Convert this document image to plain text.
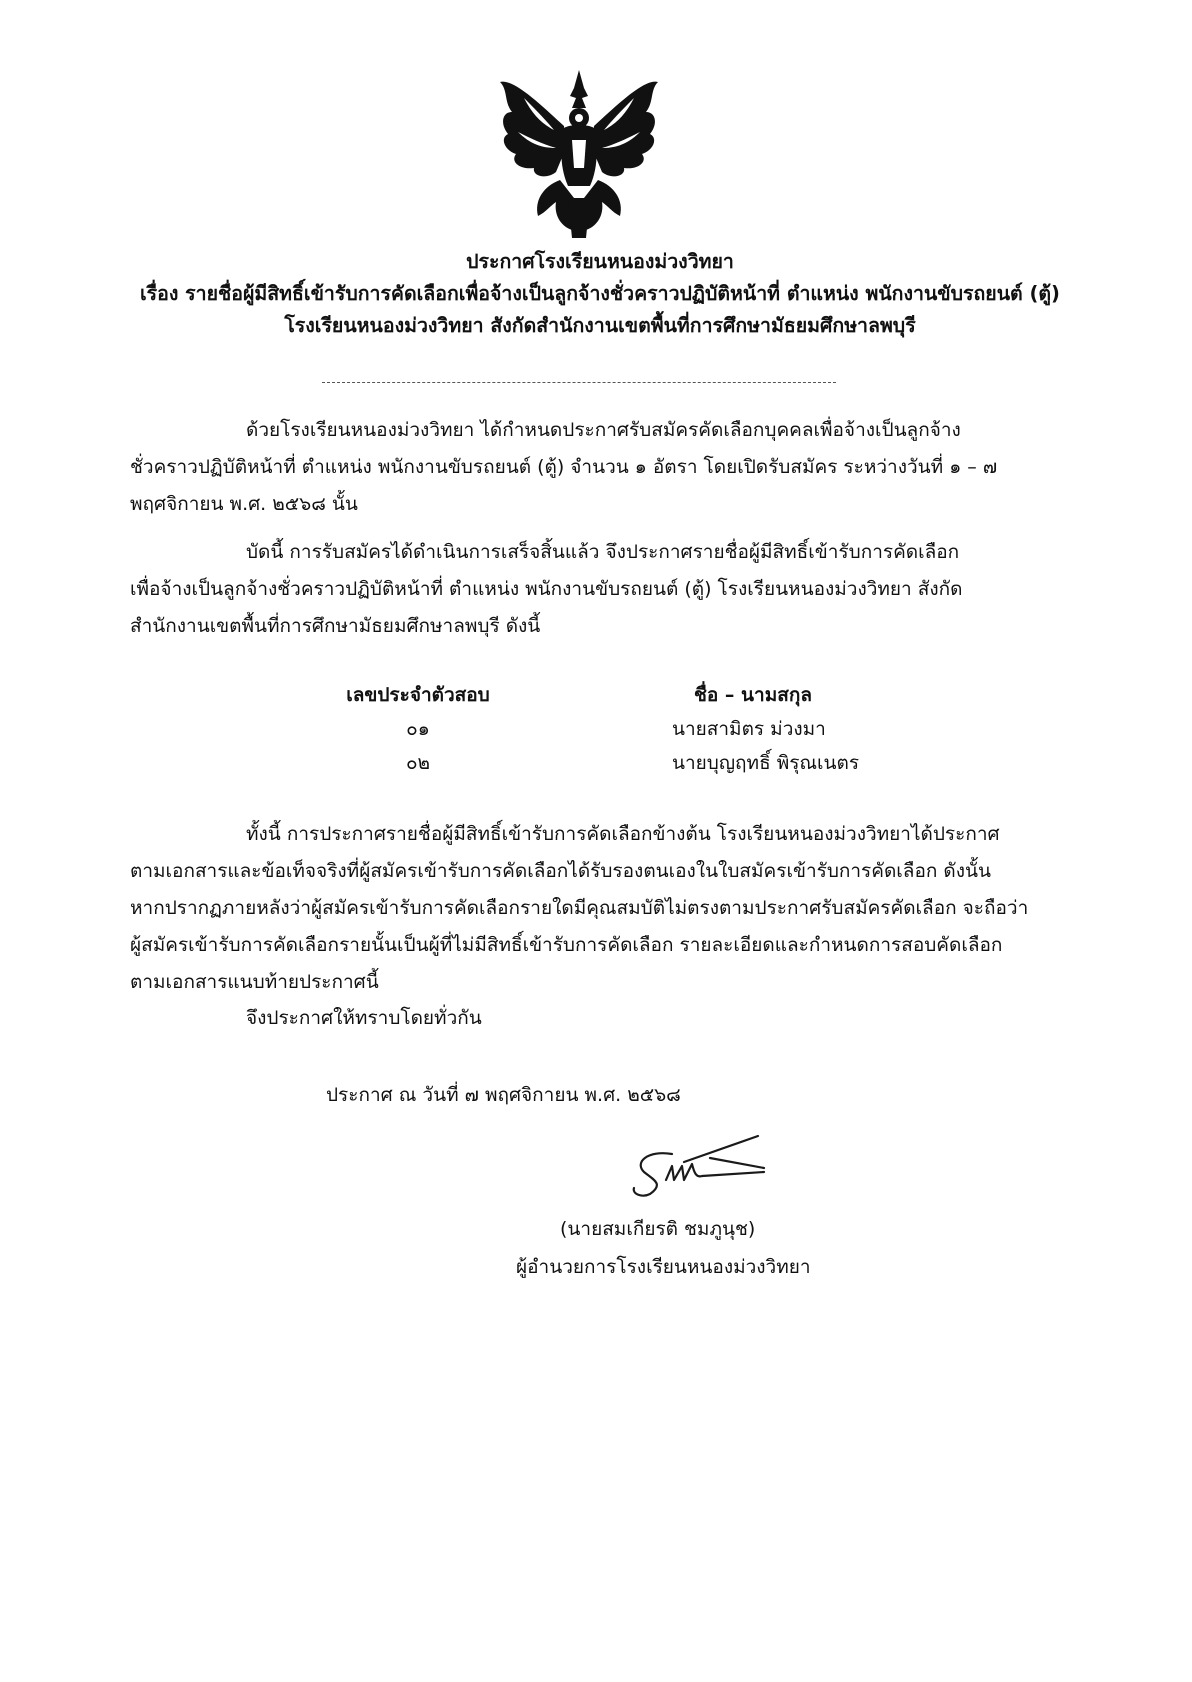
ประกาศโรงเรียนหนองม่วงวิทยา
เรื่อง รายชื่อผู้มีสิทธิ์เข้ารับการคัดเลือกเพื่อจ้างเป็นลูกจ้างชั่วคราวปฏิบัติหน้าที่ ตำแหน่ง พนักงานขับรถยนต์ (ตู้)
โรงเรียนหนองม่วงวิทยา สังกัดสำนักงานเขตพื้นที่การศึกษามัธยมศึกษาลพบุรี
ด้วยโรงเรียนหนองม่วงวิทยา ได้กำหนดประกาศรับสมัครคัดเลือกบุคคลเพื่อจ้างเป็นลูกจ้าง
ชั่วคราวปฏิบัติหน้าที่ ตำแหน่ง พนักงานขับรถยนต์ (ตู้) จำนวน ๑ อัตรา โดยเปิดรับสมัคร ระหว่างวันที่ ๑ – ๗
พฤศจิกายน พ.ศ. ๒๕๖๘ นั้น
บัดนี้ การรับสมัครได้ดำเนินการเสร็จสิ้นแล้ว จึงประกาศรายชื่อผู้มีสิทธิ์เข้ารับการคัดเลือก
เพื่อจ้างเป็นลูกจ้างชั่วคราวปฏิบัติหน้าที่ ตำแหน่ง พนักงานขับรถยนต์ (ตู้) โรงเรียนหนองม่วงวิทยา สังกัด
สำนักงานเขตพื้นที่การศึกษามัธยมศึกษาลพบุรี ดังนี้
เลขประจำตัวสอบ	ชื่อ – นามสกุล
๐๑	นายสามิตร ม่วงมา
๐๒	นายบุญฤทธิ์ พิรุณเนตร
ทั้งนี้ การประกาศรายชื่อผู้มีสิทธิ์เข้ารับการคัดเลือกข้างต้น โรงเรียนหนองม่วงวิทยาได้ประกาศ
ตามเอกสารและข้อเท็จจริงที่ผู้สมัครเข้ารับการคัดเลือกได้รับรองตนเองในใบสมัครเข้ารับการคัดเลือก ดังนั้น
หากปรากฏภายหลังว่าผู้สมัครเข้ารับการคัดเลือกรายใดมีคุณสมบัติไม่ตรงตามประกาศรับสมัครคัดเลือก จะถือว่า
ผู้สมัครเข้ารับการคัดเลือกรายนั้นเป็นผู้ที่ไม่มีสิทธิ์เข้ารับการคัดเลือก รายละเอียดและกำหนดการสอบคัดเลือก
ตามเอกสารแนบท้ายประกาศนี้
จึงประกาศให้ทราบโดยทั่วกัน
ประกาศ ณ วันที่ ๗ พฤศจิกายน พ.ศ. ๒๕๖๘
(นายสมเกียรติ ชมภูนุช)
ผู้อำนวยการโรงเรียนหนองม่วงวิทยา
